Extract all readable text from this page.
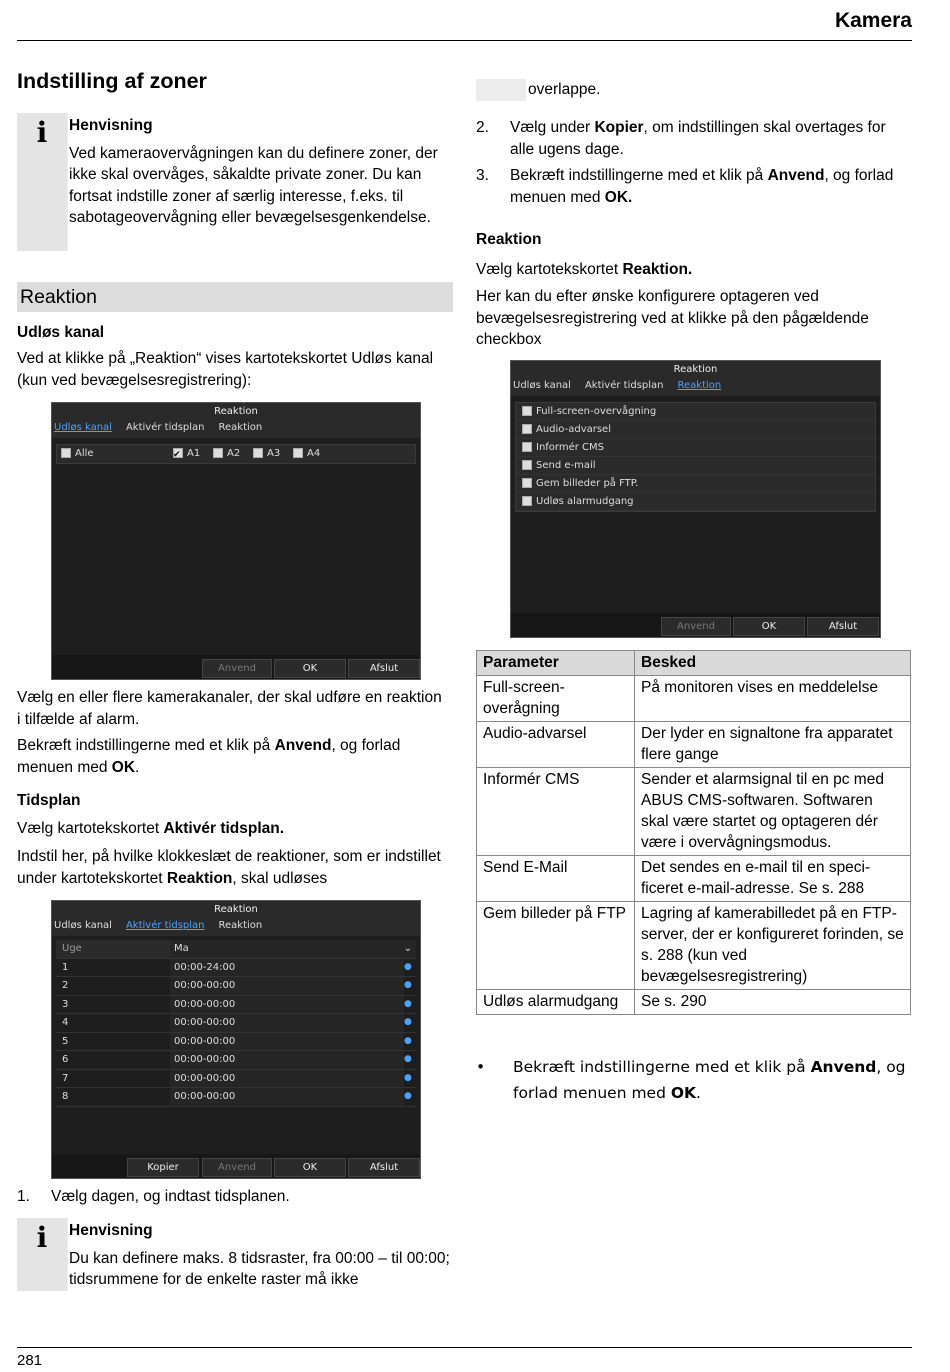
Kamera
281
Indstilling af zoner
i	Henvisning

Ved kameraovervågningen kan du definere zoner, der ikke skal overvåges, såkaldte private zoner. Du kan fortsat indstille zoner af særlig interesse, f.eks. til sabotageovervågning eller bevægelsesgenkendelse.

Reaktion
Udløs kanal

Ved at klikke på „Reaktion“ vises kartotekskortet Udløs kanal (kun ved bevægelsesregistrering):

Reaktion
Udløs kanal Aktivér tidsplan Reaktion
Alle ✔	A1	A2	A3	A4
Anvend	OK	Afslut

Vælg en eller flere kamerakanaler, der skal udføre en reaktion i tilfælde af alarm.

Bekræft indstillingerne med et klik på Anvend, og forlad menuen med OK.

Tidsplan

Vælg kartotekskortet Aktivér tidsplan.

Indstil her, på hvilke klokkeslæt de reaktioner, som er indstillet under kartotekskortet Reaktion, skal udløses

Reaktion
Udløs kanal Aktivér tidsplan Reaktion
Uge	Ma	⌄
1	00:00-24:00	●
2	00:00-00:00	●
3	00:00-00:00	●
4	00:00-00:00	●
5	00:00-00:00	●
6	00:00-00:00	●
7	00:00-00:00	●
8	00:00-00:00	●
Kopier	Anvend	OK	Afslut
1. Vælg dagen, og indtast tidsplanen.
i	Henvisning

Du kan definere maks. 8 tidsraster, fra 00:00 – til 00:00; tidsrummene for de enkelte raster må ikke

overlappe.
2. Vælg under Kopier, om indstillingen skal overtages for alle ugens dage.
3. Bekræft indstillingerne med et klik på Anvend, og forlad menuen med OK.
Reaktion

Vælg kartotekskortet Reaktion.

Her kan du efter ønske konfigurere optageren ved bevægelsesregistrering ved at klikke på den pågældende checkbox

Reaktion
Udløs kanal Aktivér tidsplan Reaktion
Full-screen-overvågning
Audio-advarsel
Informér CMS
Send e-mail
Gem billeder på FTP.
Udløs alarmudgang
Anvend	OK	Afslut
Parameter	Besked
Full-screen-overågning	På monitoren vises en meddelelse
Audio-advarsel	Der lyder en signaltone fra apparatet flere gange
Informér CMS	Sender et alarmsignal til en pc med ABUS CMS-softwaren. Softwaren skal være startet og optageren dér være i overvågningsmodus.
Send E-Mail	Det sendes en e-mail til en speci-ficeret e-mail-adresse. Se s. 288
Gem billeder på FTP	Lagring af kamerabilledet på en FTP-server, der er konfigureret forinden, se s. 288 (kun ved bevægelsesregistrering)
Udløs alarmudgang	Se s. 290
•	Bekræft indstillingerne med et klik på Anvend, og forlad menuen med OK.
